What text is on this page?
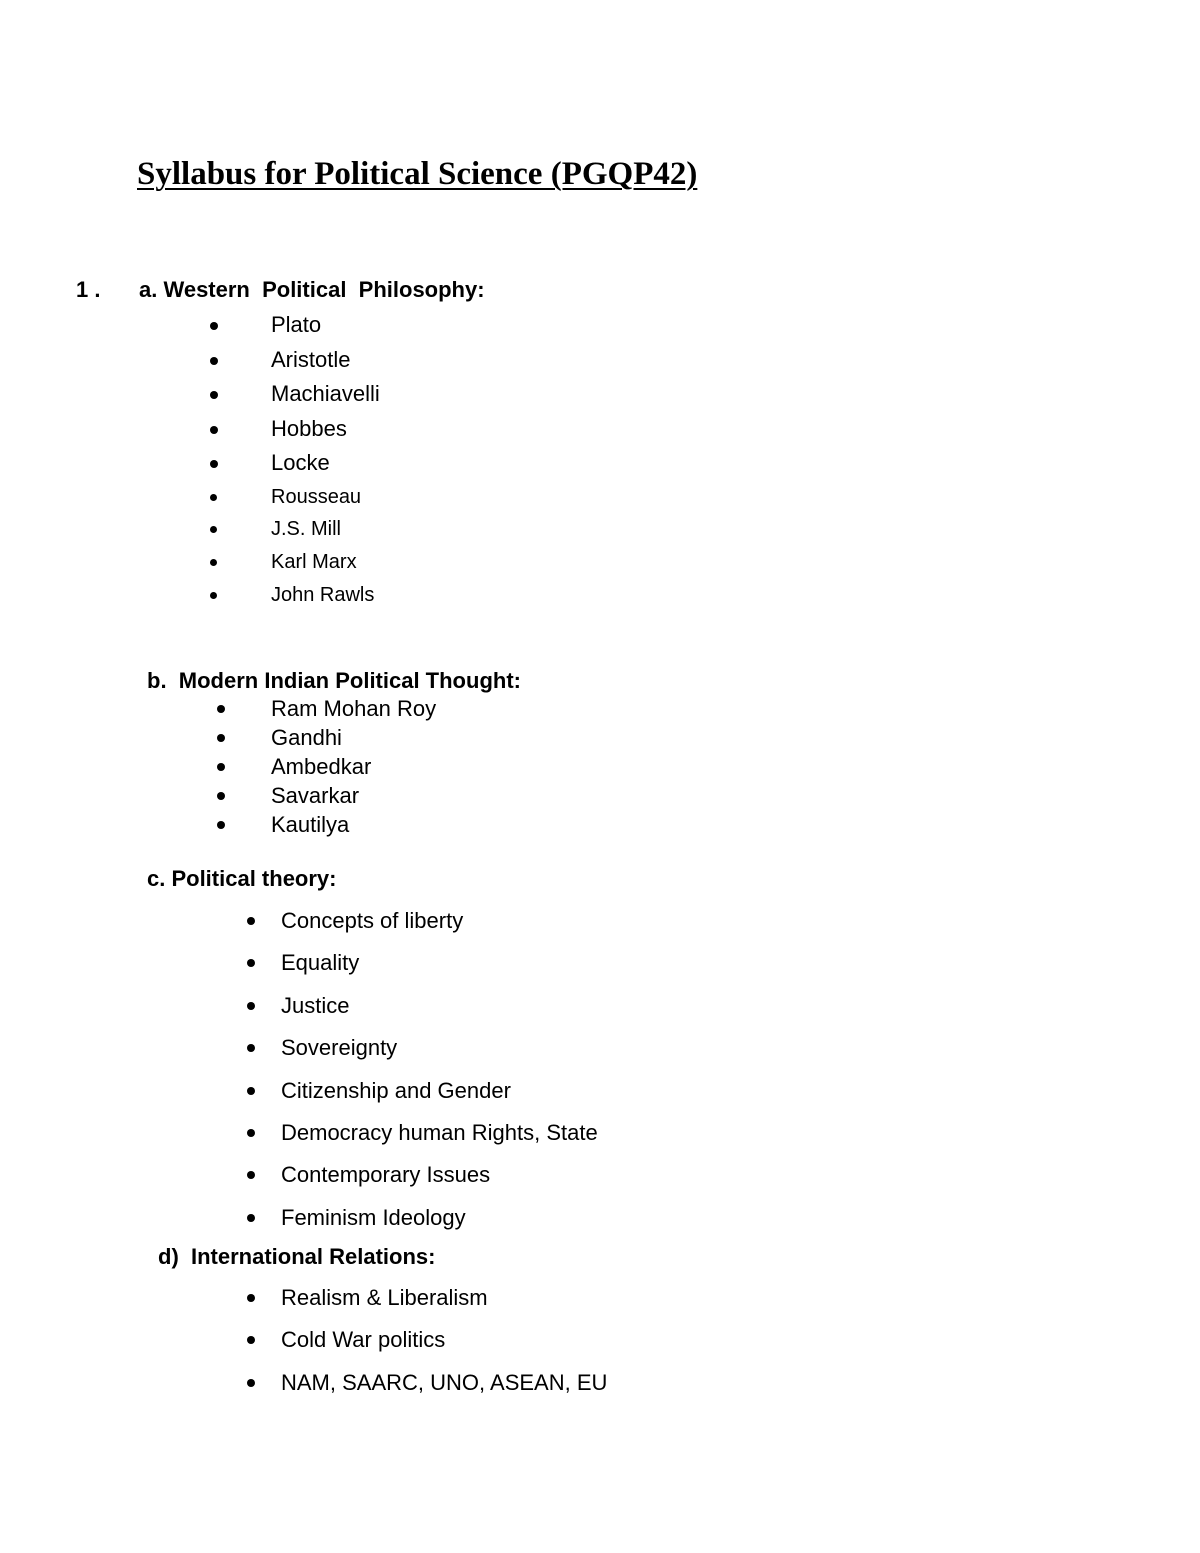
Syllabus for Political Science (PGQP42)
1 . a. Western  Political  Philosophy:
Plato
Aristotle
Machiavelli
Hobbes
Locke
Rousseau
J.S. Mill
Karl Marx
John Rawls
b.  Modern Indian Political Thought:
Ram Mohan Roy
Gandhi
Ambedkar
Savarkar
Kautilya
c. Political theory:
Concepts of liberty
Equality
Justice
Sovereignty
Citizenship and Gender
Democracy human Rights, State
Contemporary Issues
Feminism Ideology
d)  International Relations:
Realism & Liberalism
Cold War politics
NAM, SAARC, UNO, ASEAN, EU
